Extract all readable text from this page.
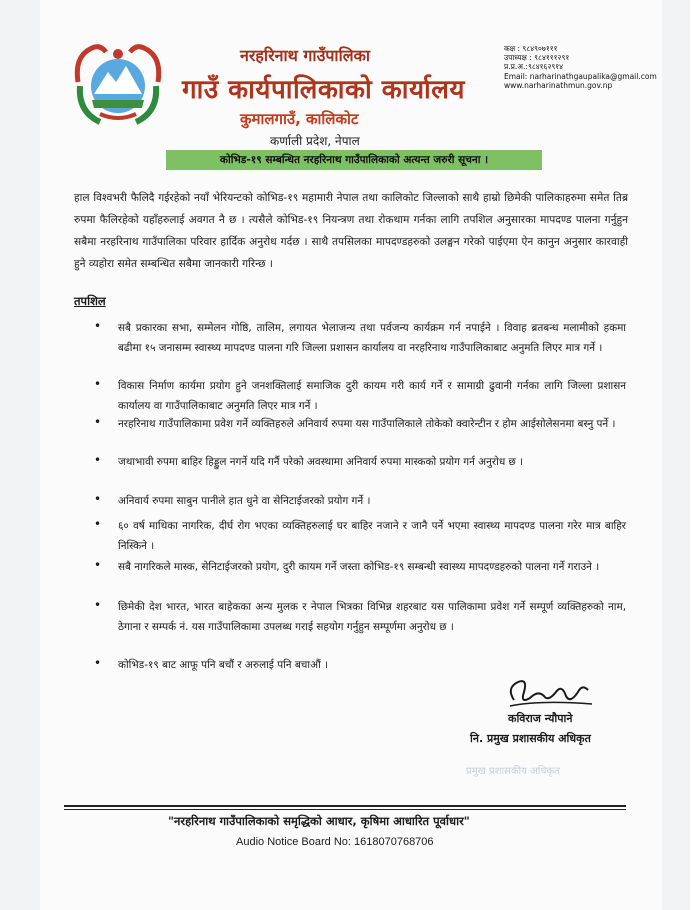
नरहरिनाथ गाउँपालिका
गाउँ कार्यपालिकाको कार्यालय
कुमालगाउँ, कालिकोट
कर्णाली प्रदेश, नेपाल
कक्ष : ९८४९०७१११
उपाध्यक्ष : ९८४१११२९१
प्र.प्र.अ.:९८४१६२९१४
Email: narharinathgaupalika@gmail.com
www.narharinathmun.gov.np
कोभिड-१९ सम्बन्धित नरहरिनाथ गाउँपालिकाको अत्यन्त जरुरी सूचना ।
हाल विश्वभरी फैलिदै गईरहेको नयाँ भेरियन्टको कोभिड-१९ महामारी नेपाल तथा कालिकोट जिल्लाको साथै हाम्रो छिमेकी पालिकाहरुमा समेत तिब्र रुपमा फैलिरहेको यहाँहरुलाई अवगत नै छ । त्यसैले कोभिड-१९ नियन्त्रण तथा रोकथाम गर्नका लागि तपशिल अनुसारका मापदण्ड पालना गर्नुहुन सबैमा नरहरिनाथ गाउँपालिका परिवार हार्दिक अनुरोध गर्दछ । साथै तपसिलका मापदण्डहरुको उलङ्घन गरेको पाईएमा ऐन कानुन अनुसार कारवाही हुने व्यहोरा समेत सम्बन्धित सबैमा जानकारी गरिन्छ ।
तपशिल
• सबै प्रकारका सभा, सम्मेलन गोष्ठि, तालिम, लगायत भेलाजन्य तथा पर्वजन्य कार्यक्रम गर्न नपाईने । विवाह ब्रतबन्ध मलामीको हकमा बढीमा १५ जनासम्म स्वास्थ्य मापदण्ड पालना गरि जिल्ला प्रशासन कार्यालय वा नरहरिनाथ गाउँपालिकाबाट अनुमति लिएर मात्र गर्ने ।
• विकास निर्माण कार्यमा प्रयोग हुने जनशक्तिलाई समाजिक दुरी कायम गरी कार्य गर्ने र सामाग्री ढुवानी गर्नका लागि जिल्ला प्रशासन कार्यालय वा गाउँपालिकाबाट अनुमति लिएर मात्र गर्ने ।
• नरहरिनाथ गाउँपालिकामा प्रवेश गर्ने व्यक्तिहरुले अनिवार्य रुपमा यस गाउँपालिकाले तोकेको क्वारेन्टीन र होम आईसोलेसनमा बस्नु पर्ने ।
• जथाभावी रुपमा बाहिर हिड्डुल नगर्ने यदि गर्नै परेको अवस्थामा अनिवार्य रुपमा मास्कको प्रयोग गर्न अनुरोध छ ।
• अनिवार्य रुपमा साबुन पानीले हात धुने वा सेनिटाईजरको प्रयोग गर्ने ।
• ६० वर्ष माथिका नागरिक, दीर्घ रोग भएका व्यक्तिहरुलाई घर बाहिर नजाने र जानै पर्ने भएमा स्वास्थ्य मापदण्ड पालना गरेर मात्र बाहिर निस्किने ।
• सबै नागरिकले मास्क, सेनिटाईजरको प्रयोग, दुरी कायम गर्ने जस्ता कोभिड-१९ सम्बन्धी स्वास्थ्य मापदण्डहरुको पालना गर्ने गराउने ।
• छिमेकी देश भारत, भारत बाहेकका अन्य मुलक र नेपाल भित्रका विभिन्न शहरबाट यस पालिकामा प्रवेश गर्ने सम्पूर्ण व्यक्तिहरुको नाम, ठेगाना र सम्पर्क नं. यस गाउँपालिकामा उपलब्ध गराई सहयोग गर्नुहुन सम्पूर्णमा अनुरोध छ ।
• कोभिड-१९ बाट आफू पनि बचौं र अरुलाई पनि बचाऔं ।
कविराज न्यौपाने
नि. प्रमुख प्रशासकीय अधिकृत
प्रमुख प्रशासकीय अधिकृत
"नरहरिनाथ गाउँपालिकाको समृद्धिको आधार, कृषिमा आधारित पूर्वाधार"
Audio Notice Board No: 1618070768706
